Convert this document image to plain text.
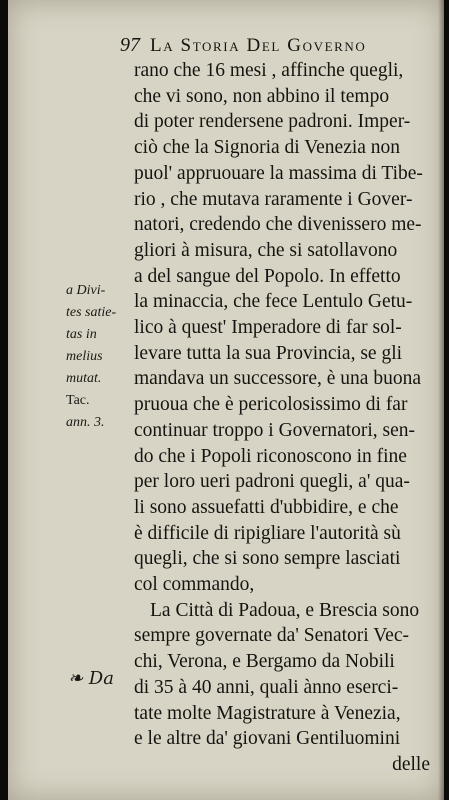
97 La Storia Del Governo
a Divi-
tes satie-
tas in
melius
mutat.
Tac.
ann. 3.
❧ Da
rano che 16 mesi , affinche quegli,
che vi sono, non abbino il tempo
di poter rendersene padroni. Imper-
ciò che la Signoria di Venezia non
puol' appruouare la massima di Tibe-
rio , che mutava raramente i Gover-
natori, credendo che divenissero me-
gliori à misura, che si satollavono
a del sangue del Popolo. In effetto
la minaccia, che fece Lentulo Getu-
lico à quest' Imperadore di far sol-
levare tutta la sua Provincia, se gli
mandava un successore, è una buona
pruoua che è pericolosissimo di far
continuar troppo i Governatori, sen-
do che i Popoli riconoscono in fine
per loro ueri padroni quegli, a' qua-
li sono assuefatti d'ubbidire, e che
è difficile di ripigliare l'autorità sù
quegli, che si sono sempre lasciati
col commando,
La Città di Padoua, e Brescia sono
sempre governate da' Senatori Vec-
chi, Verona, e Bergamo da Nobili
di 35 à 40 anni, quali ànno eserci-
tate molte Magistrature à Venezia,
e le altre da' giovani Gentiluomini
delle
